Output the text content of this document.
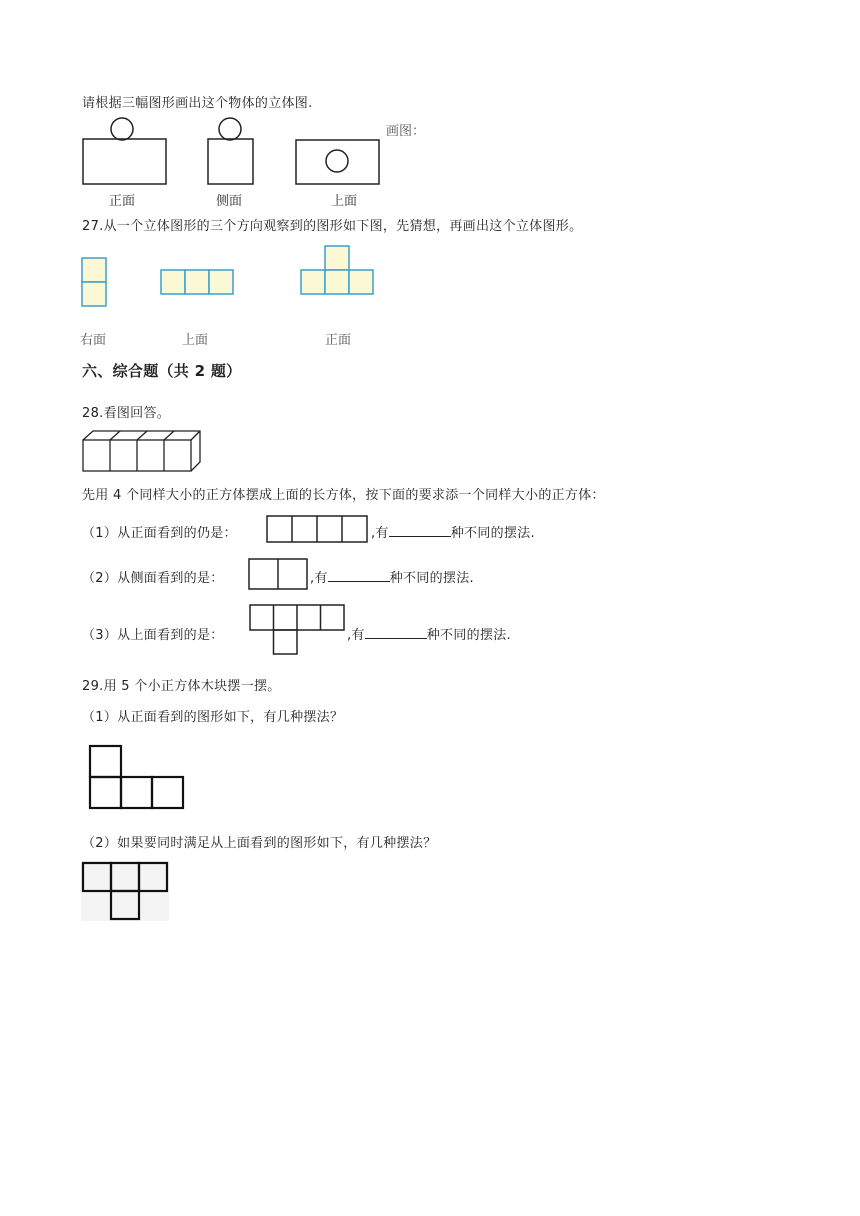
请根据三幅图形画出这个物体的立体图.
正面	侧面	上面
画图：
27.从一个立体图形的三个方向观察到的图形如下图，先猜想，再画出这个立体图形。
右面	上面	正面
六、综合题（共 2 题）
28.看图回答。
先用 4 个同样大小的正方体摆成上面的长方体，按下面的要求添一个同样大小的正方体：
（1）从正面看到的仍是：	,有	种不同的摆法.
（2）从侧面看到的是：	,有	种不同的摆法.
（3）从上面看到的是：	,有	种不同的摆法.
29.用 5 个小正方体木块摆一摆。
（1）从正面看到的图形如下，有几种摆法？
（2）如果要同时满足从上面看到的图形如下，有几种摆法？
